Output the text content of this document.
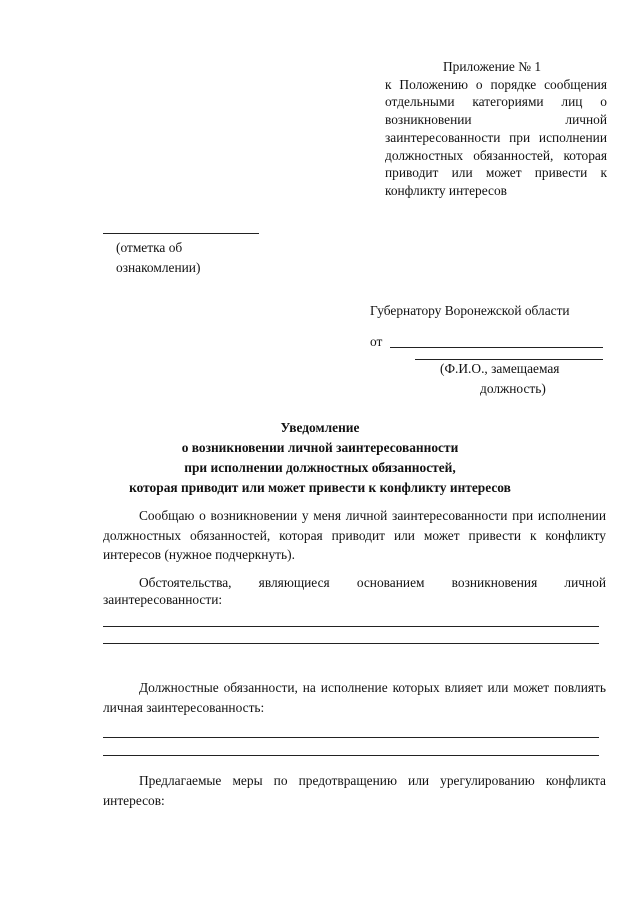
Приложение № 1
к Положению о порядке сообщения отдельными категориями лиц о возникновении личной заинтересованности при исполнении должностных обязанностей, которая приводит или может привести к конфликту интересов
(отметка об
ознакомлении)
Губернатору Воронежской области
от
(Ф.И.О., замещаемая
должность)
Уведомление
о возникновении личной заинтересованности
при исполнении должностных обязанностей,
которая приводит или может привести к конфликту интересов
Сообщаю о возникновении у меня личной заинтересованности при исполнении должностных обязанностей, которая приводит или может привести к конфликту интересов (нужное подчеркнуть).
Обстоятельства, являющиеся основанием возникновения личной
заинтересованности:
Должностные обязанности, на исполнение которых влияет или может повлиять личная заинтересованность:
Предлагаемые меры по предотвращению или урегулированию конфликта интересов:
